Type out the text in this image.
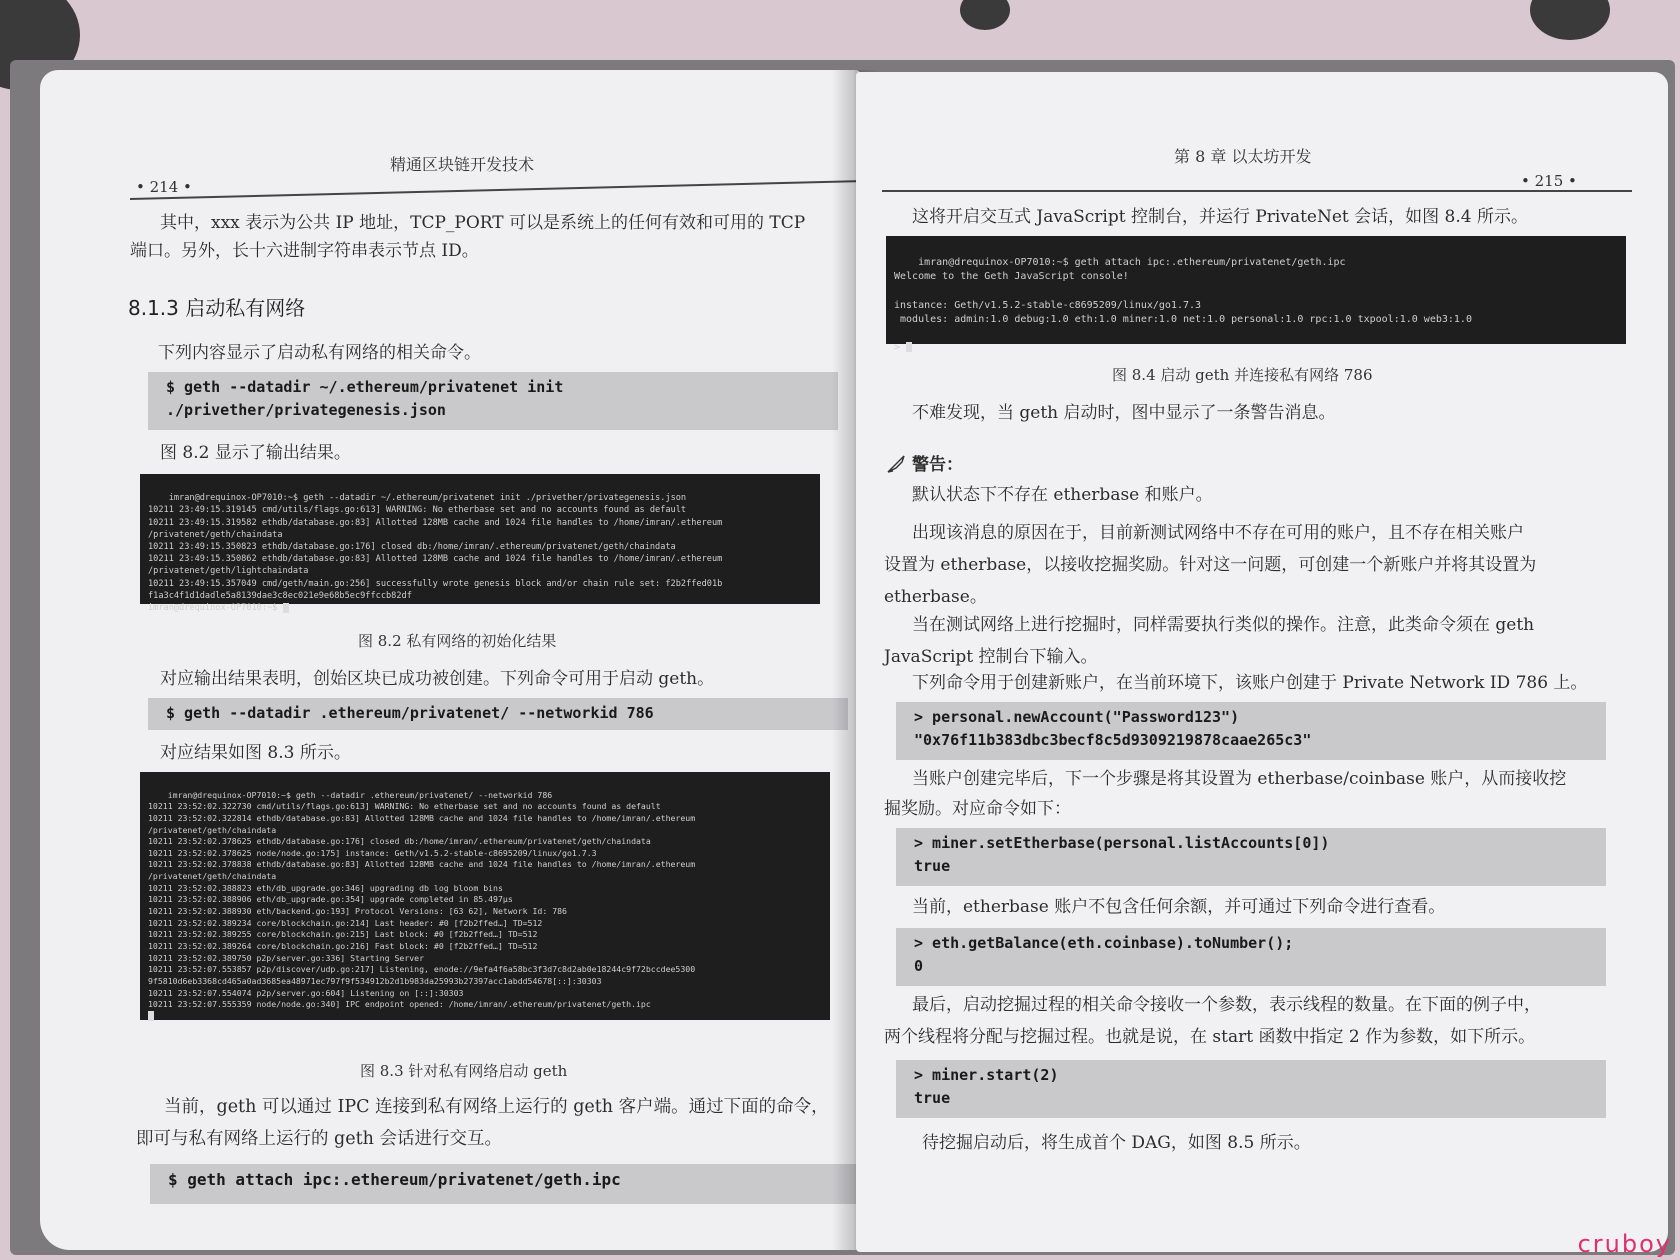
• 214 •
精通区块链开发技术
其中，xxx 表示为公共 IP 地址，TCP_PORT 可以是系统上的任何有效和可用的 TCP
端口。另外，长十六进制字符串表示节点 ID。
8.1.3 启动私有网络
下列内容显示了启动私有网络的相关命令。
$ geth --datadir ~/.ethereum/privatenet init
./privether/privategenesis.json
图 8.2 显示了输出结果。

imran@drequinox-OP7010:~$ geth --datadir ~/.ethereum/privatenet init ./privether/privategenesis.json
10211 23:49:15.319145 cmd/utils/flags.go:613] WARNING: No etherbase set and no accounts found as default
10211 23:49:15.319582 ethdb/database.go:83] Allotted 128MB cache and 1024 file handles to /home/imran/.ethereum
/privatenet/geth/chaindata
10211 23:49:15.350823 ethdb/database.go:176] closed db:/home/imran/.ethereum/privatenet/geth/chaindata
10211 23:49:15.350862 ethdb/database.go:83] Allotted 128MB cache and 1024 file handles to /home/imran/.ethereum
/privatenet/geth/lightchaindata
10211 23:49:15.357049 cmd/geth/main.go:256] successfully wrote genesis block and/or chain rule set: f2b2ffed01b
f1a3c4f1d1dadle5a8139dae3c8ec021e9e68b5ec9ffccb82df
imran@drequinox-OP7010:~$

图 8.2 私有网络的初始化结果
对应输出结果表明，创始区块已成功被创建。下列命令可用于启动 geth。
$ geth --datadir .ethereum/privatenet/ --networkid 786
对应结果如图 8.3 所示。

imran@drequinox-OP7010:~$ geth --datadir .ethereum/privatenet/ --networkid 786
10211 23:52:02.322730 cmd/utils/flags.go:613] WARNING: No etherbase set and no accounts found as default
10211 23:52:02.322814 ethdb/database.go:83] Allotted 128MB cache and 1024 file handles to /home/imran/.ethereum
/privatenet/geth/chaindata
10211 23:52:02.378625 ethdb/database.go:176] closed db:/home/imran/.ethereum/privatenet/geth/chaindata
10211 23:52:02.378625 node/node.go:175] instance: Geth/v1.5.2-stable-c8695209/linux/go1.7.3
10211 23:52:02.378838 ethdb/database.go:83] Allotted 128MB cache and 1024 file handles to /home/imran/.ethereum
/privatenet/geth/chaindata
10211 23:52:02.388823 eth/db_upgrade.go:346] upgrading db log bloom bins
10211 23:52:02.388906 eth/db_upgrade.go:354] upgrade completed in 85.497µs
10211 23:52:02.388930 eth/backend.go:193] Protocol Versions: [63 62], Network Id: 786
10211 23:52:02.389234 core/blockchain.go:214] Last header: #0 [f2b2ffed…] TD=512
10211 23:52:02.389255 core/blockchain.go:215] Last block: #0 [f2b2ffed…] TD=512
10211 23:52:02.389264 core/blockchain.go:216] Fast block: #0 [f2b2ffed…] TD=512
10211 23:52:02.389750 p2p/server.go:336] Starting Server
10211 23:52:07.553857 p2p/discover/udp.go:217] Listening, enode://9efa4f6a58bc3f3d7c8d2ab0e18244c9f72bccdee5300
9f5810d6eb3368cd465a0ad3685ea48971ec797f9f534912b2d1b983da25993b27397acc1abdd54678[::]:30303
10211 23:52:07.554074 p2p/server.go:604] Listening on [::]:30303
10211 23:52:07.555359 node/node.go:340] IPC endpoint opened: /home/imran/.ethereum/privatenet/geth.ipc

图 8.3 针对私有网络启动 geth
当前，geth 可以通过 IPC 连接到私有网络上运行的 geth 客户端。通过下面的命令，
即可与私有网络上运行的 geth 会话进行交互。
$ geth attach ipc:.ethereum/privatenet/geth.ipc
第 8 章 以太坊开发
• 215 •
这将开启交互式 JavaScript 控制台，并运行 PrivateNet 会话，如图 8.4 所示。

imran@drequinox-OP7010:~$ geth attach ipc:.ethereum/privatenet/geth.ipc
Welcome to the Geth JavaScript console!

instance: Geth/v1.5.2-stable-c8695209/linux/go1.7.3
modules: admin:1.0 debug:1.0 eth:1.0 miner:1.0 net:1.0 personal:1.0 rpc:1.0 txpool:1.0 web3:1.0

>

图 8.4 启动 geth 并连接私有网络 786
不难发现，当 geth 启动时，图中显示了一条警告消息。
警告：
默认状态下不存在 etherbase 和账户。
出现该消息的原因在于，目前新测试网络中不存在可用的账户，且不存在相关账户
设置为 etherbase，以接收挖掘奖励。针对这一问题，可创建一个新账户并将其设置为
etherbase。
当在测试网络上进行挖掘时，同样需要执行类似的操作。注意，此类命令须在 geth
JavaScript 控制台下输入。
下列命令用于创建新账户，在当前环境下，该账户创建于 Private Network ID 786 上。
> personal.newAccount("Password123")
"0x76f11b383dbc3becf8c5d9309219878caae265c3"
当账户创建完毕后，下一个步骤是将其设置为 etherbase/coinbase 账户，从而接收挖
掘奖励。对应命令如下：
> miner.setEtherbase(personal.listAccounts[0])
true
当前，etherbase 账户不包含任何余额，并可通过下列命令进行查看。
> eth.getBalance(eth.coinbase).toNumber();
0
最后，启动挖掘过程的相关命令接收一个参数，表示线程的数量。在下面的例子中，
两个线程将分配与挖掘过程。也就是说，在 start 函数中指定 2 作为参数，如下所示。
> miner.start(2)
true
待挖掘启动后，将生成首个 DAG，如图 8.5 所示。
cruboy
